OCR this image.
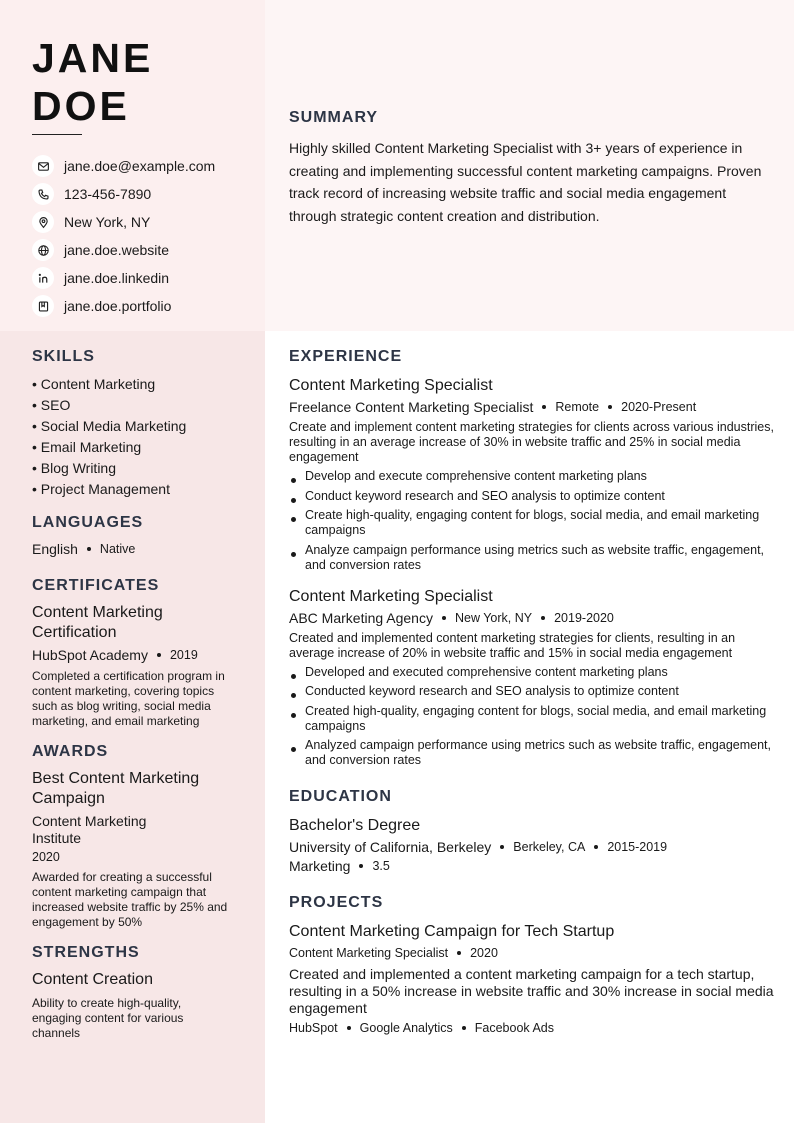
JANE
DOE
jane.doe@example.com
123-456-7890
New York, NY
jane.doe.website
jane.doe.linkedin
jane.doe.portfolio
SUMMARY

Highly skilled Content Marketing Specialist with 3+ years of experience in creating and implementing successful content marketing campaigns. Proven track record of increasing website traffic and social media engagement through strategic content creation and distribution.

SKILLS
• Content Marketing
• SEO
• Social Media Marketing
• Email Marketing
• Blog Writing
• Project Management
LANGUAGES
English Native
CERTIFICATES
Content Marketing Certification
HubSpot Academy 2019
Completed a certification program in content marketing, covering topics such as blog writing, social media marketing, and email marketing
AWARDS
Best Content Marketing Campaign
Content Marketing Institute
2020
Awarded for creating a successful content marketing campaign that increased website traffic by 25% and engagement by 50%
STRENGTHS
Content Creation
Ability to create high-quality, engaging content for various channels
EXPERIENCE
Content Marketing Specialist
Freelance Content Marketing Specialist Remote 2020-Present
Create and implement content marketing strategies for clients across various industries, resulting in an average increase of 30% in website traffic and 25% in social media engagement
Develop and execute comprehensive content marketing plans
Conduct keyword research and SEO analysis to optimize content
Create high-quality, engaging content for blogs, social media, and email marketing campaigns
Analyze campaign performance using metrics such as website traffic, engagement, and conversion rates
Content Marketing Specialist
ABC Marketing Agency New York, NY 2019-2020
Created and implemented content marketing strategies for clients, resulting in an average increase of 20% in website traffic and 15% in social media engagement
Developed and executed comprehensive content marketing plans
Conducted keyword research and SEO analysis to optimize content
Created high-quality, engaging content for blogs, social media, and email marketing campaigns
Analyzed campaign performance using metrics such as website traffic, engagement, and conversion rates
EDUCATION
Bachelor's Degree
University of California, Berkeley Berkeley, CA 2015-2019
Marketing 3.5
PROJECTS
Content Marketing Campaign for Tech Startup
Content Marketing Specialist 2020
Created and implemented a content marketing campaign for a tech startup, resulting in a 50% increase in website traffic and 30% increase in social media engagement
HubSpot Google Analytics Facebook Ads
